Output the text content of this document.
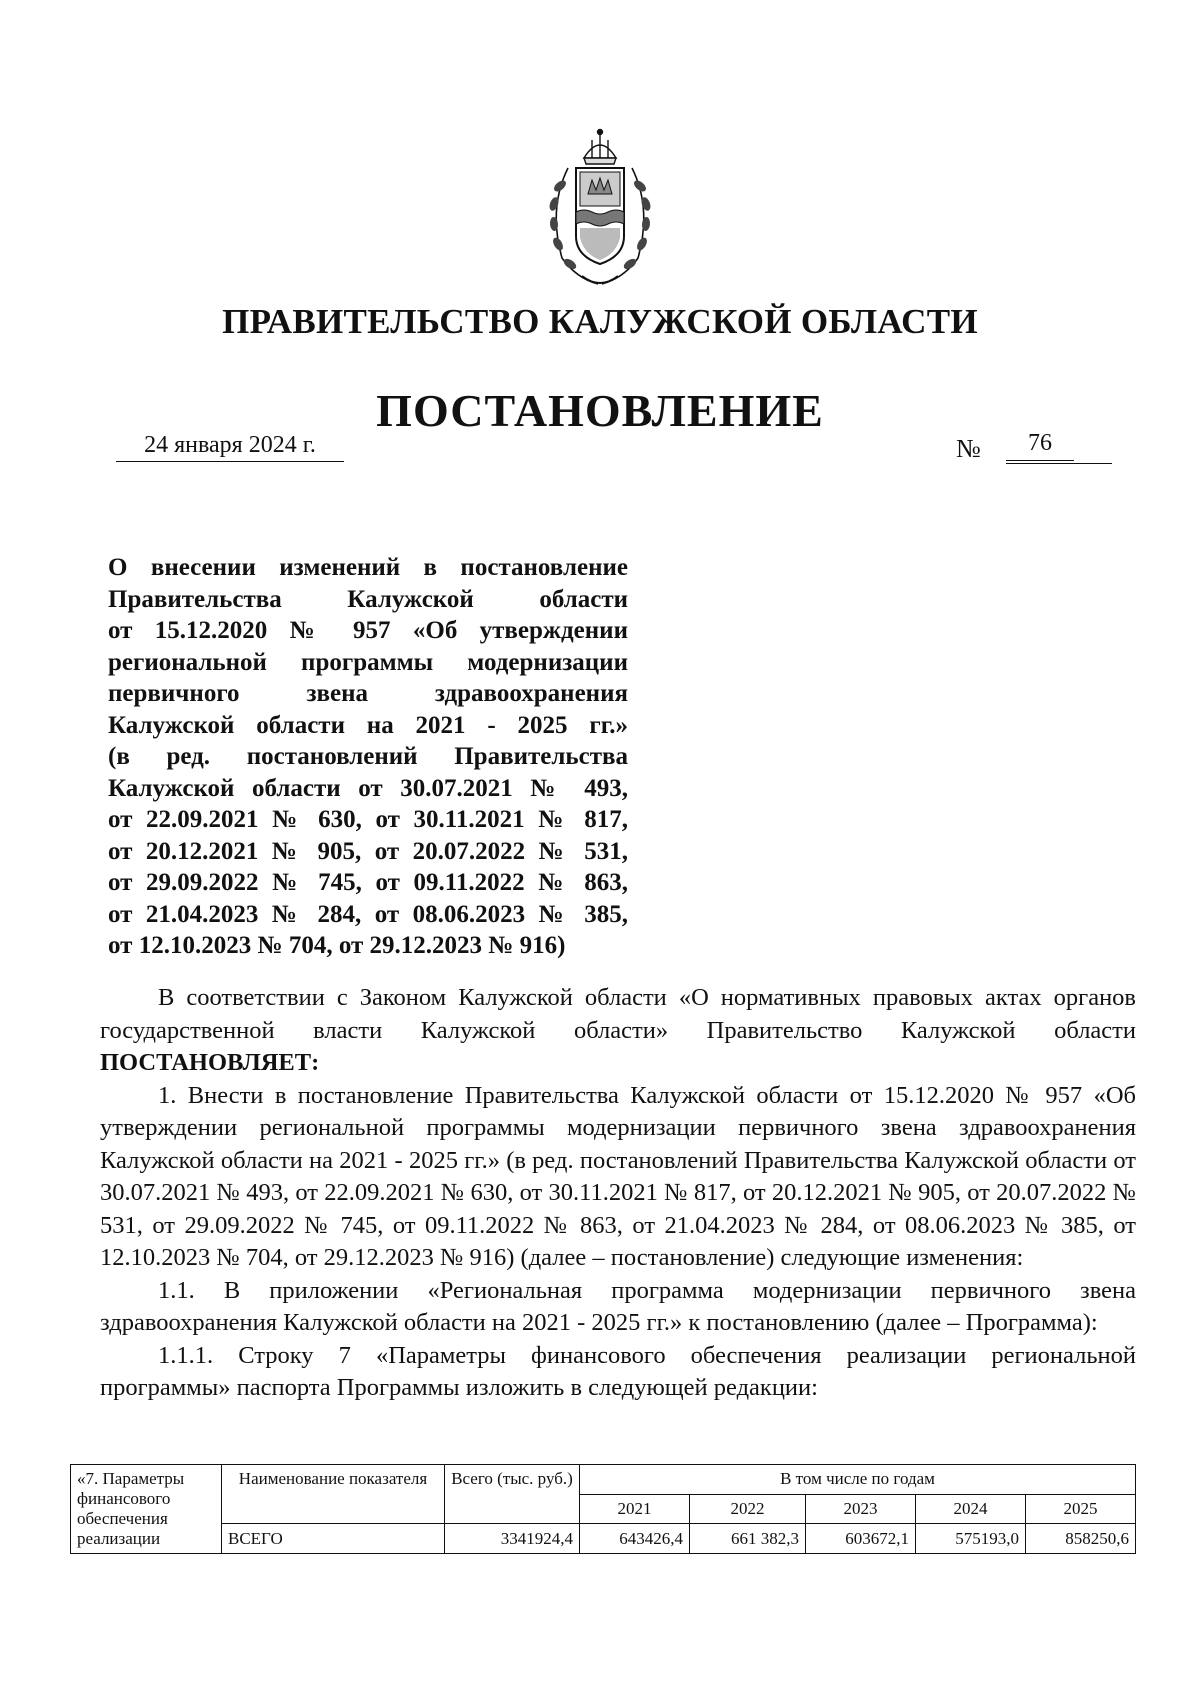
ПРАВИТЕЛЬСТВО КАЛУЖСКОЙ ОБЛАСТИ
ПОСТАНОВЛЕНИЕ
24 января 2024 г.	№	76
О внесении изменений в постановление
Правительства Калужской области
от 15.12.2020 № 957 «Об утверждении
региональной программы модернизации
первичного звена здравоохранения
Калужской области на 2021 - 2025 гг.»
(в ред. постановлений Правительства
Калужской области от 30.07.2021 № 493,
от 22.09.2021 № 630, от 30.11.2021 № 817,
от 20.12.2021 № 905, от 20.07.2022 № 531,
от 29.09.2022 № 745, от 09.11.2022 № 863,
от 21.04.2023 № 284, от 08.06.2023 № 385,
от 12.10.2023 № 704, от 29.12.2023 № 916)

В соответствии с Законом Калужской области «О нормативных правовых актах органов государственной власти Калужской области» Правительство Калужской области ПОСТАНОВЛЯЕТ:

1. Внести в постановление Правительства Калужской области от 15.12.2020 № 957 «Об утверждении региональной программы модернизации первичного звена здравоохранения Калужской области на 2021 - 2025 гг.» (в ред. постановлений Правительства Калужской области от 30.07.2021 № 493, от 22.09.2021 № 630, от 30.11.2021 № 817, от 20.12.2021 № 905, от 20.07.2022 № 531, от 29.09.2022 № 745, от 09.11.2022 № 863, от 21.04.2023 № 284, от 08.06.2023 № 385, от 12.10.2023 № 704, от 29.12.2023 № 916) (далее – постановление) следующие изменения:

1.1. В приложении «Региональная программа модернизации первичного звена здравоохранения Калужской области на 2021 - 2025 гг.» к постановлению (далее – Программа):

1.1.1. Строку 7 «Параметры финансового обеспечения реализации региональной программы» паспорта Программы изложить в следующей редакции:

«7. Параметры финансового обеспечения реализации	Наименование показателя	Всего (тыс. руб.)	В том числе по годам				
			2021	2022	2023	2024	2025
	ВСЕГО	3341924,4	643426,4	661 382,3	603672,1	575193,0	858250,6
